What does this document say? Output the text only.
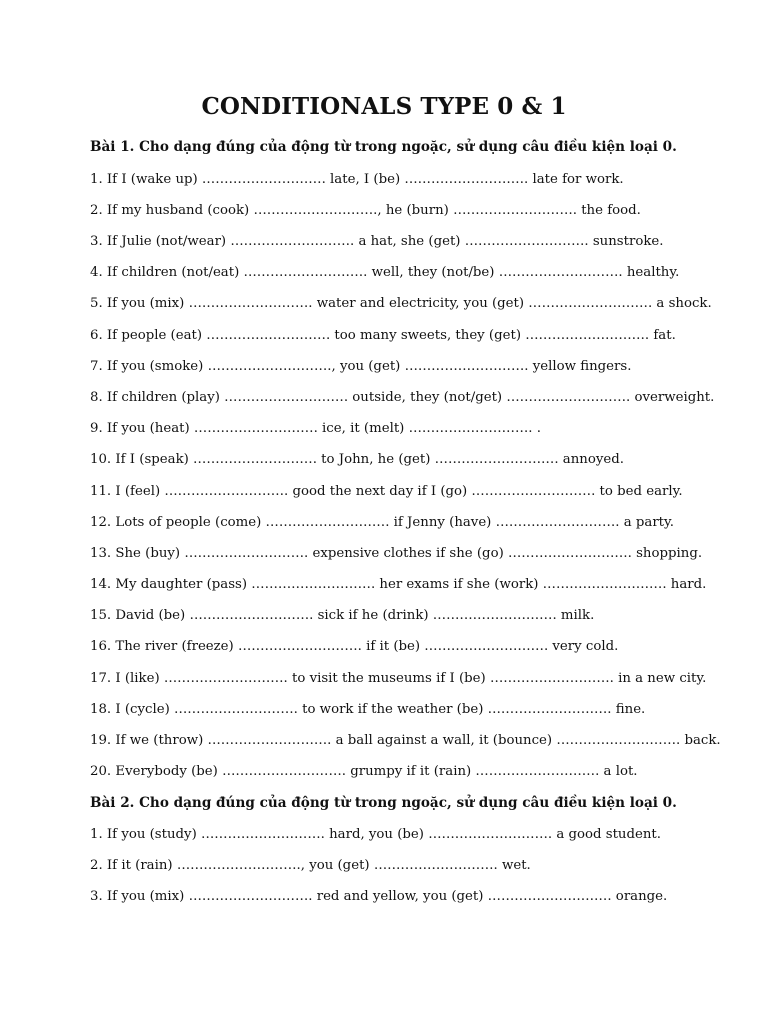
CONDITIONALS TYPE 0 & 1

Bài 1. Cho dạng đúng của động từ trong ngoặc, sử dụng câu điều kiện loại 0.

1. If I (wake up) ………………………. late, I (be) ………………………. late for work.

2. If my husband (cook) ………………………., he (burn) ………………………. the food.

3. If Julie (not/wear) ………………………. a hat, she (get) ………………………. sunstroke.

4. If children (not/eat) ………………………. well, they (not/be) ………………………. healthy.

5. If you (mix) ………………………. water and electricity, you (get) ………………………. a shock.

6. If people (eat) ………………………. too many sweets, they (get) ………………………. fat.

7. If you (smoke) ………………………., you (get) ………………………. yellow fingers.

8. If children (play) ………………………. outside, they (not/get) ………………………. overweight.

9. If you (heat) ………………………. ice, it (melt) ………………………. .

10. If I (speak) ………………………. to John, he (get) ………………………. annoyed.

11. I (feel) ………………………. good the next day if I (go) ………………………. to bed early.

12. Lots of people (come) ………………………. if Jenny (have) ………………………. a party.

13. She (buy) ………………………. expensive clothes if she (go) ………………………. shopping.

14. My daughter (pass) ………………………. her exams if she (work) ………………………. hard.

15. David (be) ………………………. sick if he (drink) ………………………. milk.

16. The river (freeze) ………………………. if it (be) ………………………. very cold.

17. I (like) ………………………. to visit the museums if I (be) ………………………. in a new city.

18. I (cycle) ………………………. to work if the weather (be) ………………………. fine.

19. If we (throw) ………………………. a ball against a wall, it (bounce) ………………………. back.

20. Everybody (be) ………………………. grumpy if it (rain) ………………………. a lot.

Bài 2. Cho dạng đúng của động từ trong ngoặc, sử dụng câu điều kiện loại 0.

1. If you (study) ………………………. hard, you (be) ………………………. a good student.

2. If it (rain) ………………………., you (get) ………………………. wet.

3. If you (mix) ………………………. red and yellow, you (get) ………………………. orange.
